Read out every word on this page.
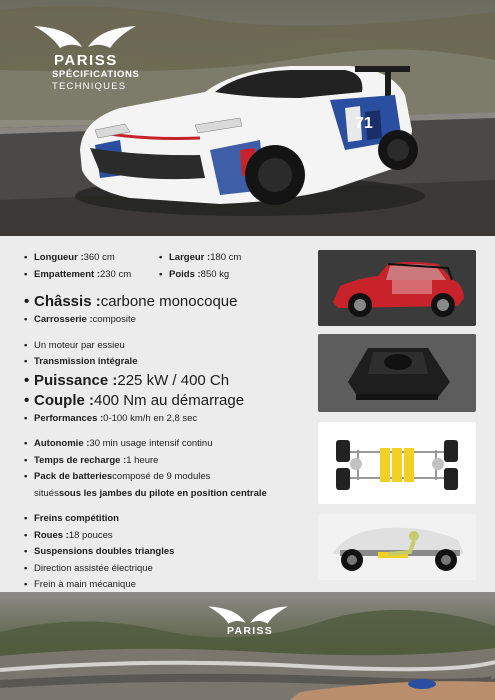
71
PARISS
SPÉCIFICATIONS
TECHNIQUES
• Longueur : 360 cm	• Largeur : 180 cm
• Empattement : 230 cm	• Poids : 850 kg
• Châssis : carbone monocoque
• Carrosserie : composite
• Un moteur par essieu
• Transmission intégrale
• Puissance : 225 kW / 400 Ch
• Couple : 400 Nm au démarrage
• Performances : 0-100 km/h en 2,8 sec
• Autonomie : 30 min usage intensif continu
• Temps de recharge : 1 heure
• Pack de batteries composé de 9 modules
situés sous les jambes du pilote en position centrale
• Freins compétition
• Roues : 18 pouces
• Suspensions doubles triangles
• Direction assistée électrique
• Frein à main mécanique
PARISS
